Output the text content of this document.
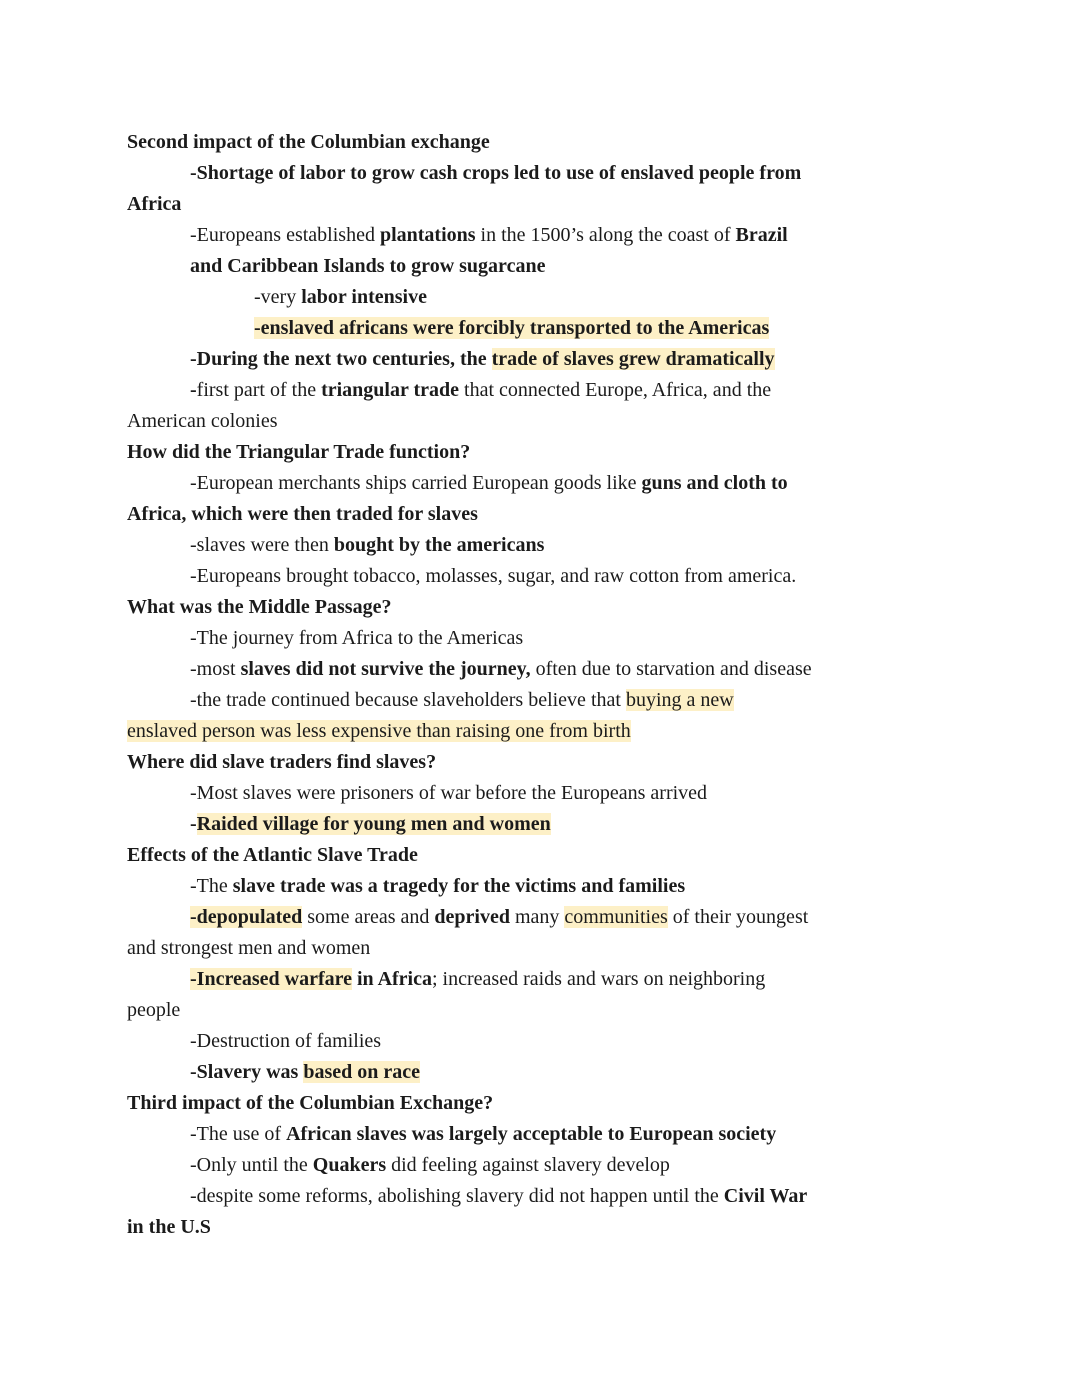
Second impact of the Columbian exchange
-Shortage of labor to grow cash crops led to use of enslaved people from
Africa
-Europeans established plantations in the 1500’s along the coast of Brazil
and Caribbean Islands to grow sugarcane
-very labor intensive
-enslaved africans were forcibly transported to the Americas
-During the next two centuries, the trade of slaves grew dramatically
-first part of the triangular trade that connected Europe, Africa, and the
American colonies
How did the Triangular Trade function?
-European merchants ships carried European goods like guns and cloth to
Africa, which were then traded for slaves
-slaves were then bought by the americans
-Europeans brought tobacco, molasses, sugar, and raw cotton from america.
What was the Middle Passage?
-The journey from Africa to the Americas
-most slaves did not survive the journey, often due to starvation and disease
-the trade continued because slaveholders believe that buying a new
enslaved person was less expensive than raising one from birth
Where did slave traders find slaves?
-Most slaves were prisoners of war before the Europeans arrived
-Raided village for young men and women
Effects of the Atlantic Slave Trade
-The slave trade was a tragedy for the victims and families
-depopulated some areas and deprived many communities of their youngest
and strongest men and women
-Increased warfare in Africa; increased raids and wars on neighboring
people
-Destruction of families
-Slavery was based on race
Third impact of the Columbian Exchange?
-The use of African slaves was largely acceptable to European society
-Only until the Quakers did feeling against slavery develop
-despite some reforms, abolishing slavery did not happen until the Civil War
in the U.S
